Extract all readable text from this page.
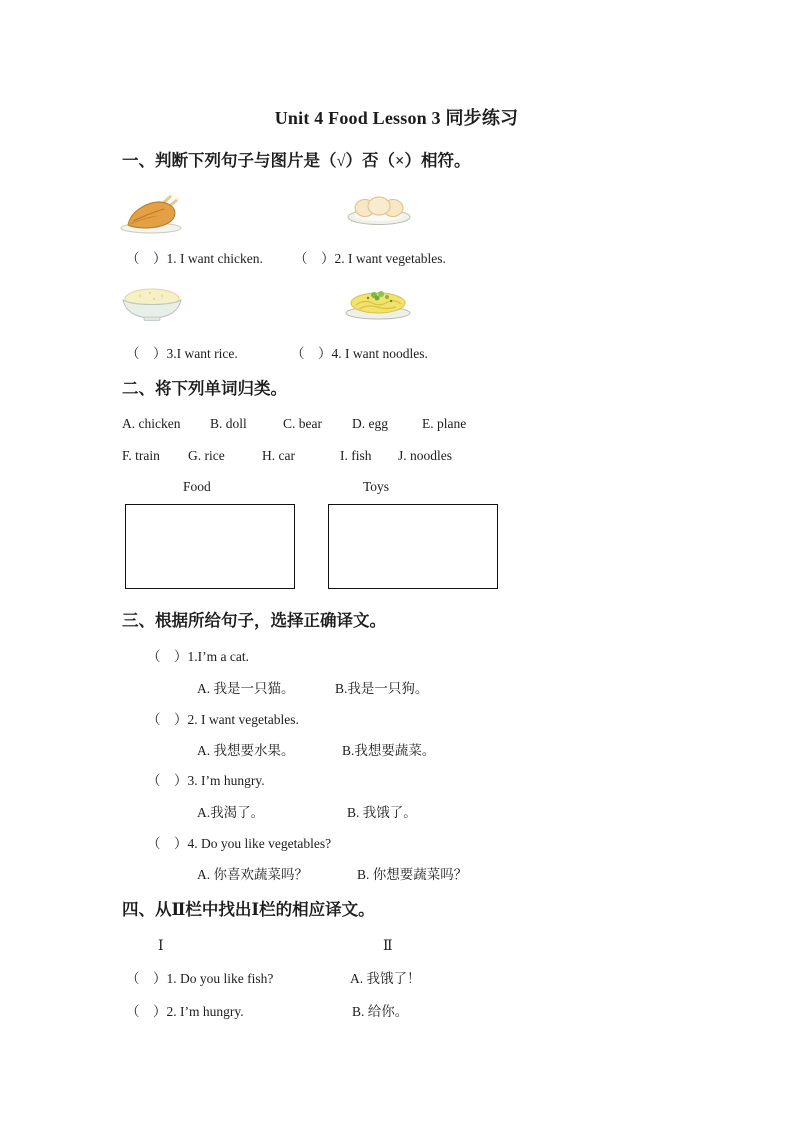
Unit 4 Food Lesson 3 同步练习
一、判断下列句子与图片是（√）否（×）相符。
（　）1. I want chicken. （　）2. I want vegetables.
（　）3.I want rice.	（　）4. I want noodles.
二、将下列单词归类。
A. chicken B. doll	C. bear D. egg	E. plane
F. train G. rice	H. car	I. fish J. noodles
Food	Toys
三、根据所给句子，选择正确译文。
（　）1.I’m a cat.
A. 我是一只猫。	B.我是一只狗。
（　）2. I want vegetables.
A. 我想要水果。	B.我想要蔬菜。
（　）3. I’m hungry.
A.我渴了。	B. 我饿了。
（　）4. Do you like vegetables?
A. 你喜欢蔬菜吗？	B. 你想要蔬菜吗？
四、从Ⅱ栏中找出Ⅰ栏的相应译文。
Ⅰ	Ⅱ
（　）1. Do you like fish?	A. 我饿了！
（　）2. I’m hungry.	B. 给你。
